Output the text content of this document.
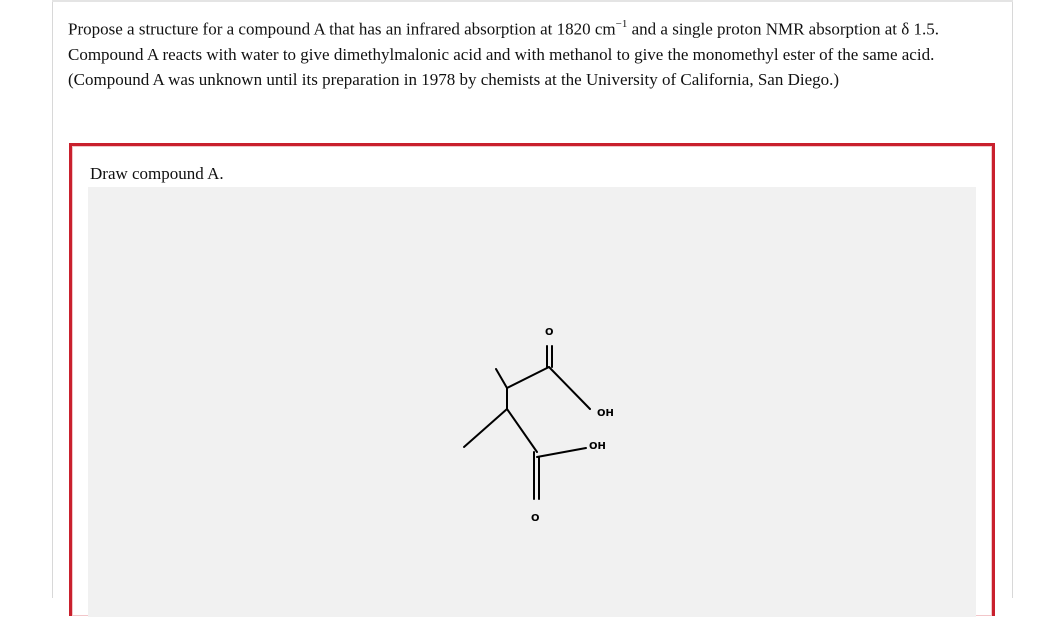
Propose a structure for a compound A that has an infrared absorption at 1820 $cm^{-1}$ and a single proton NMR absorption at δ 1.5.
Compound A reacts with water to give dimethylmalonic acid and with methanol to give the monomethyl ester of the same acid.
(Compound A was unknown until its preparation in 1978 by chemists at the University of California, San Diego.)
Draw compound A.
O
OH
OH
O
